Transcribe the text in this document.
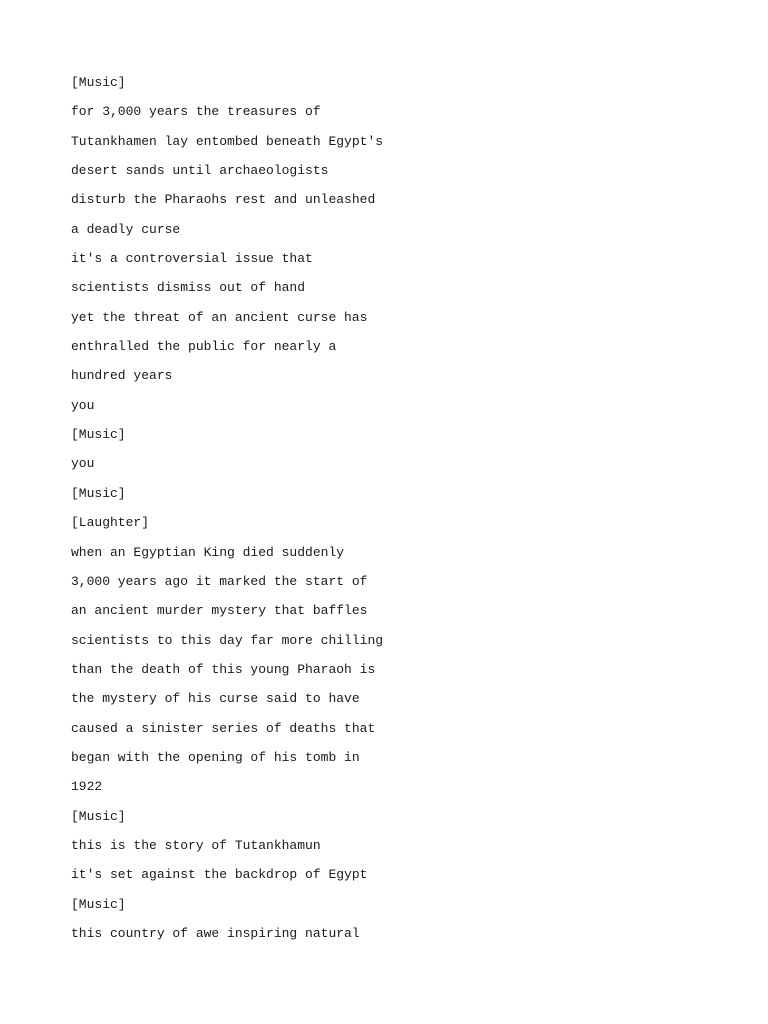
[Music]
for 3,000 years the treasures of
Tutankhamen lay entombed beneath Egypt's
desert sands until archaeologists
disturb the Pharaohs rest and unleashed
a deadly curse
it's a controversial issue that
scientists dismiss out of hand
yet the threat of an ancient curse has
enthralled the public for nearly a
hundred years
you
[Music]
you
[Music]
[Laughter]
when an Egyptian King died suddenly
3,000 years ago it marked the start of
an ancient murder mystery that baffles
scientists to this day far more chilling
than the death of this young Pharaoh is
the mystery of his curse said to have
caused a sinister series of deaths that
began with the opening of his tomb in
1922
[Music]
this is the story of Tutankhamun
it's set against the backdrop of Egypt
[Music]
this country of awe inspiring natural
